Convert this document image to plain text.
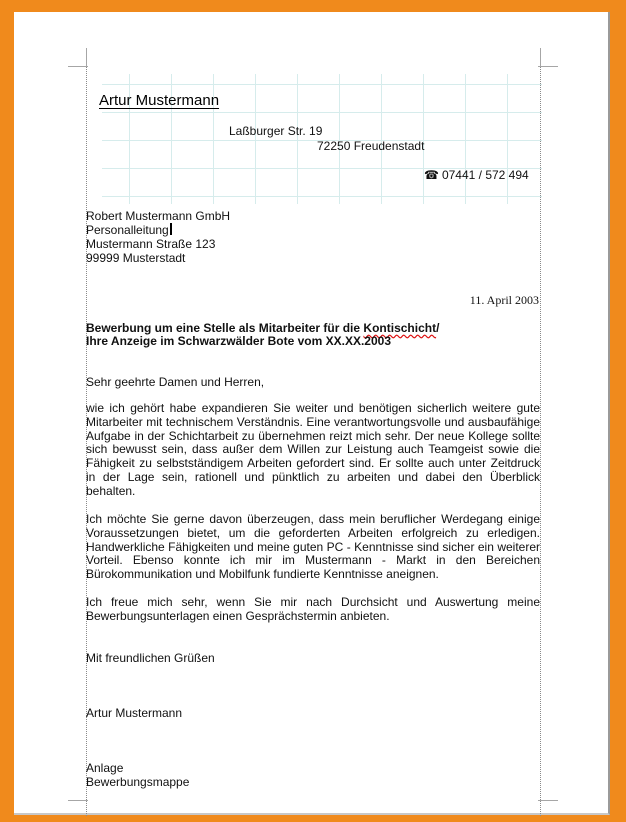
Artur Mustermann
Laßburger Str. 19
72250 Freudenstadt
☎ 07441 / 572 494
Robert Mustermann GmbH
Personalleitung
Mustermann Straße 123
99999 Musterstadt
11. April 2003
Bewerbung um eine Stelle als Mitarbeiter für die Kontischicht/
Ihre Anzeige im Schwarzwälder Bote vom XX.XX.2003
Sehr geehrte Damen und Herren,

wie ich gehört habe expandieren Sie weiter und benötigen sicherlich weitere gute Mitarbeiter mit technischem Verständnis. Eine verantwortungsvolle und ausbaufähige Aufgabe in der Schichtarbeit zu übernehmen reizt mich sehr. Der neue Kollege sollte sich bewusst sein, dass außer dem Willen zur Leistung auch Teamgeist sowie die Fähigkeit zu selbstständigem Arbeiten gefordert sind. Er sollte auch unter Zeitdruck in der Lage sein, rationell und pünktlich zu arbeiten und dabei den Überblick behalten.

Ich möchte Sie gerne davon überzeugen, dass mein beruflicher Werdegang einige Voraussetzungen bietet, um die geforderten Arbeiten erfolgreich zu erledigen. Handwerkliche Fähigkeiten und meine guten PC - Kenntnisse sind sicher ein weiterer Vorteil. Ebenso konnte ich mir im Mustermann - Markt in den Bereichen Bürokommunikation und Mobilfunk fundierte Kenntnisse aneignen.

Ich freue mich sehr, wenn Sie mir nach Durchsicht und Auswertung meine Bewerbungsunterlagen einen Gesprächstermin anbieten.

Mit freundlichen Grüßen
Artur Mustermann
Anlage
Bewerbungsmappe
